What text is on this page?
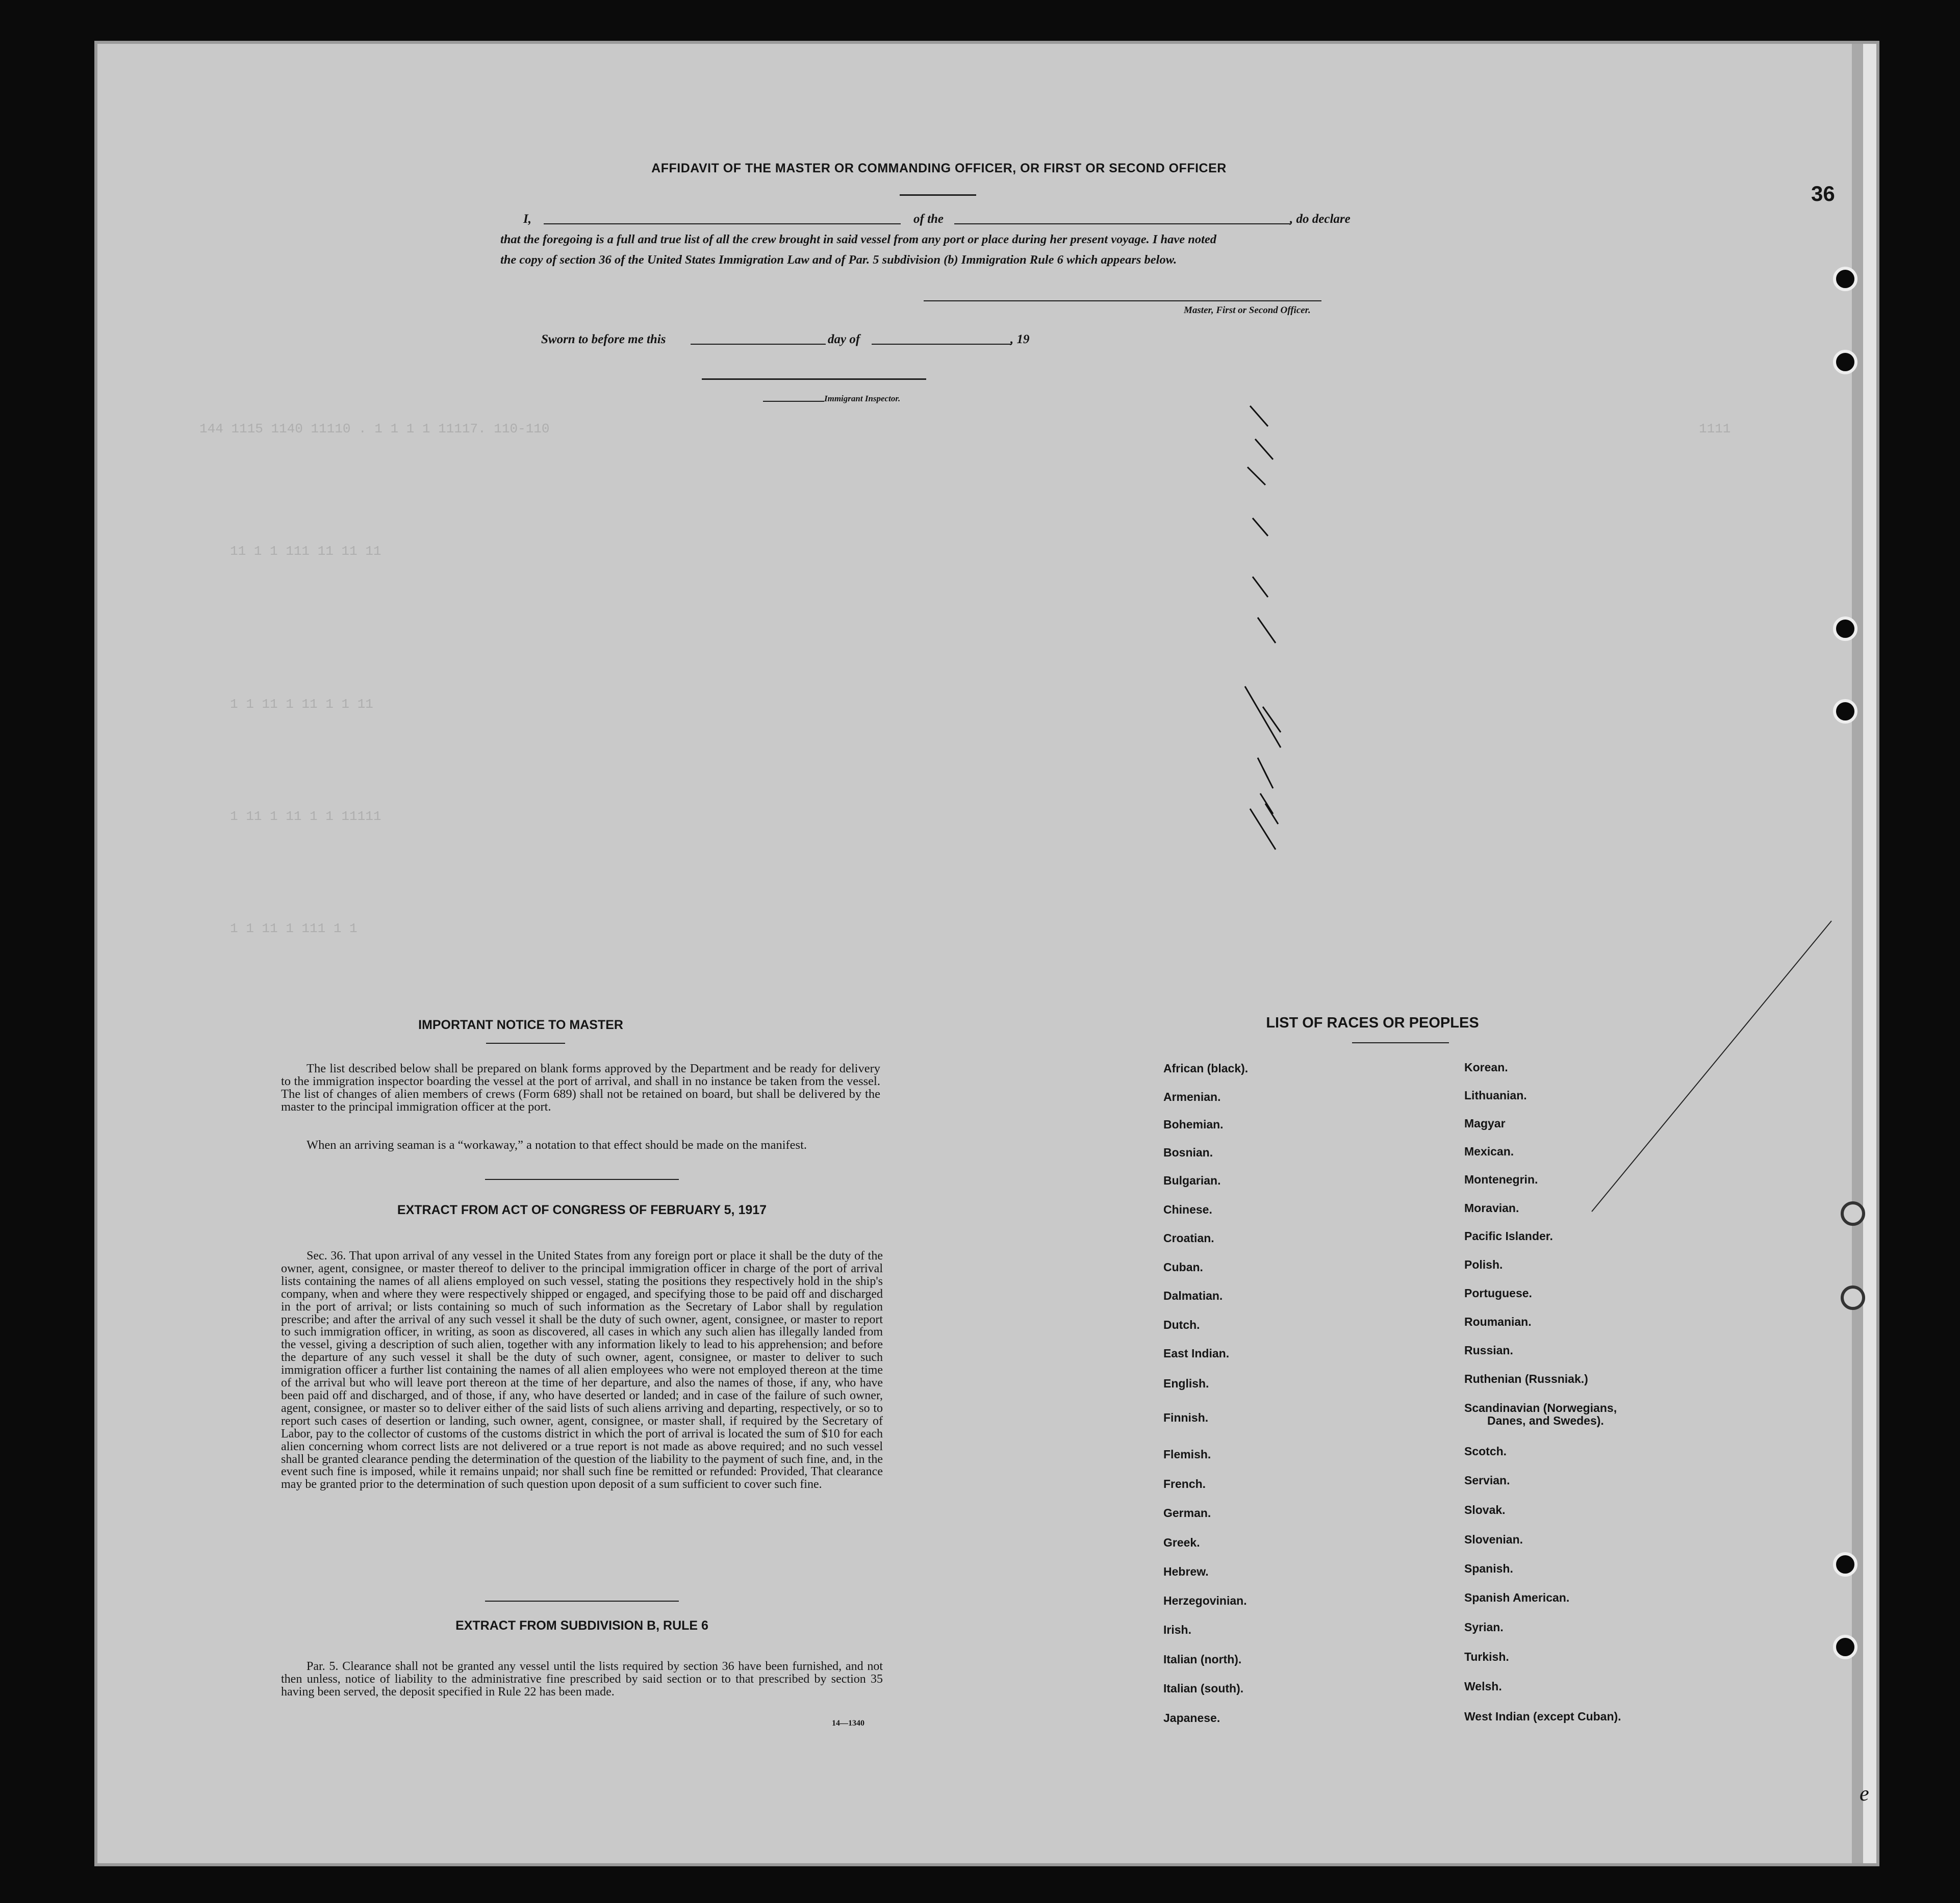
144 1115 1140 11110 . 1 1 1 1 11117. 110-110
11 1 1 111 11 11 11
1 1 11 1 11 1 1 11
1 11 1 11 1 1 11111
1 1 11 1 111 1 1
1111
36
e
AFFIDAVIT OF THE MASTER OR COMMANDING OFFICER, OR FIRST OR SECOND OFFICER
I,	of the	, do declare
that the foregoing is a full and true list of all the crew brought in said vessel from any port or place during her present voyage. I have noted
the copy of section 36 of the United States Immigration Law and of Par. 5 subdivision (b) Immigration Rule 6 which appears below.
Master, First or Second Officer.
Sworn to before me this	day of	, 19
Immigrant Inspector.
IMPORTANT NOTICE TO MASTER
The list described below shall be prepared on blank forms approved by the Department and be ready for delivery to the immigration inspector boarding the vessel at the port of arrival, and shall in no instance be taken from the vessel. The list of changes of alien members of crews (Form 689) shall not be retained on board, but shall be delivered by the master to the principal immigration officer at the port.
When an arriving seaman is a “workaway,” a notation to that effect should be made on the manifest.
EXTRACT FROM ACT OF CONGRESS OF FEBRUARY 5, 1917
Sec. 36. That upon arrival of any vessel in the United States from any foreign port or place it shall be the duty of the owner, agent, consignee, or master thereof to deliver to the principal immigration officer in charge of the port of arrival lists containing the names of all aliens employed on such vessel, stating the positions they respectively hold in the ship's company, when and where they were respectively shipped or engaged, and specifying those to be paid off and discharged in the port of arrival; or lists containing so much of such information as the Secretary of Labor shall by regulation prescribe; and after the arrival of any such vessel it shall be the duty of such owner, agent, consignee, or master to report to such immigration officer, in writing, as soon as discovered, all cases in which any such alien has illegally landed from the vessel, giving a description of such alien, together with any information likely to lead to his apprehension; and before the departure of any such vessel it shall be the duty of such owner, agent, consignee, or master to deliver to such immigration officer a further list containing the names of all alien employees who were not employed thereon at the time of the arrival but who will leave port thereon at the time of her departure, and also the names of those, if any, who have been paid off and discharged, and of those, if any, who have deserted or landed; and in case of the failure of such owner, agent, consignee, or master so to deliver either of the said lists of such aliens arriving and departing, respectively, or so to report such cases of desertion or landing, such owner, agent, consignee, or master shall, if required by the Secretary of Labor, pay to the collector of customs of the customs district in which the port of arrival is located the sum of $10 for each alien concerning whom correct lists are not delivered or a true report is not made as above required; and no such vessel shall be granted clearance pending the determination of the question of the liability to the payment of such fine, and, in the event such fine is imposed, while it remains unpaid; nor shall such fine be remitted or refunded: Provided, That clearance may be granted prior to the determination of such question upon deposit of a sum sufficient to cover such fine.
EXTRACT FROM SUBDIVISION B, RULE 6
Par. 5. Clearance shall not be granted any vessel until the lists required by section 36 have been furnished, and not then unless, notice of liability to the administrative fine prescribed by said section or to that prescribed by section 35 having been served, the deposit specified in Rule 22 has been made.
14—1340
LIST OF RACES OR PEOPLES
African (black).
Armenian.
Bohemian.
Bosnian.
Bulgarian.
Chinese.
Croatian.
Cuban.
Dalmatian.
Dutch.
East Indian.
English.
Finnish.
Flemish.
French.
German.
Greek.
Hebrew.
Herzegovinian.
Irish.
Italian (north).
Italian (south).
Japanese.
Korean.
Lithuanian.
Magyar
Mexican.
Montenegrin.
Moravian.
Pacific Islander.
Polish.
Portuguese.
Roumanian.
Russian.
Ruthenian (Russniak.)
Scandinavian (Norwegians,
Danes, and Swedes).
Scotch.
Servian.
Slovak.
Slovenian.
Spanish.
Spanish American.
Syrian.
Turkish.
Welsh.
West Indian (except Cuban).
